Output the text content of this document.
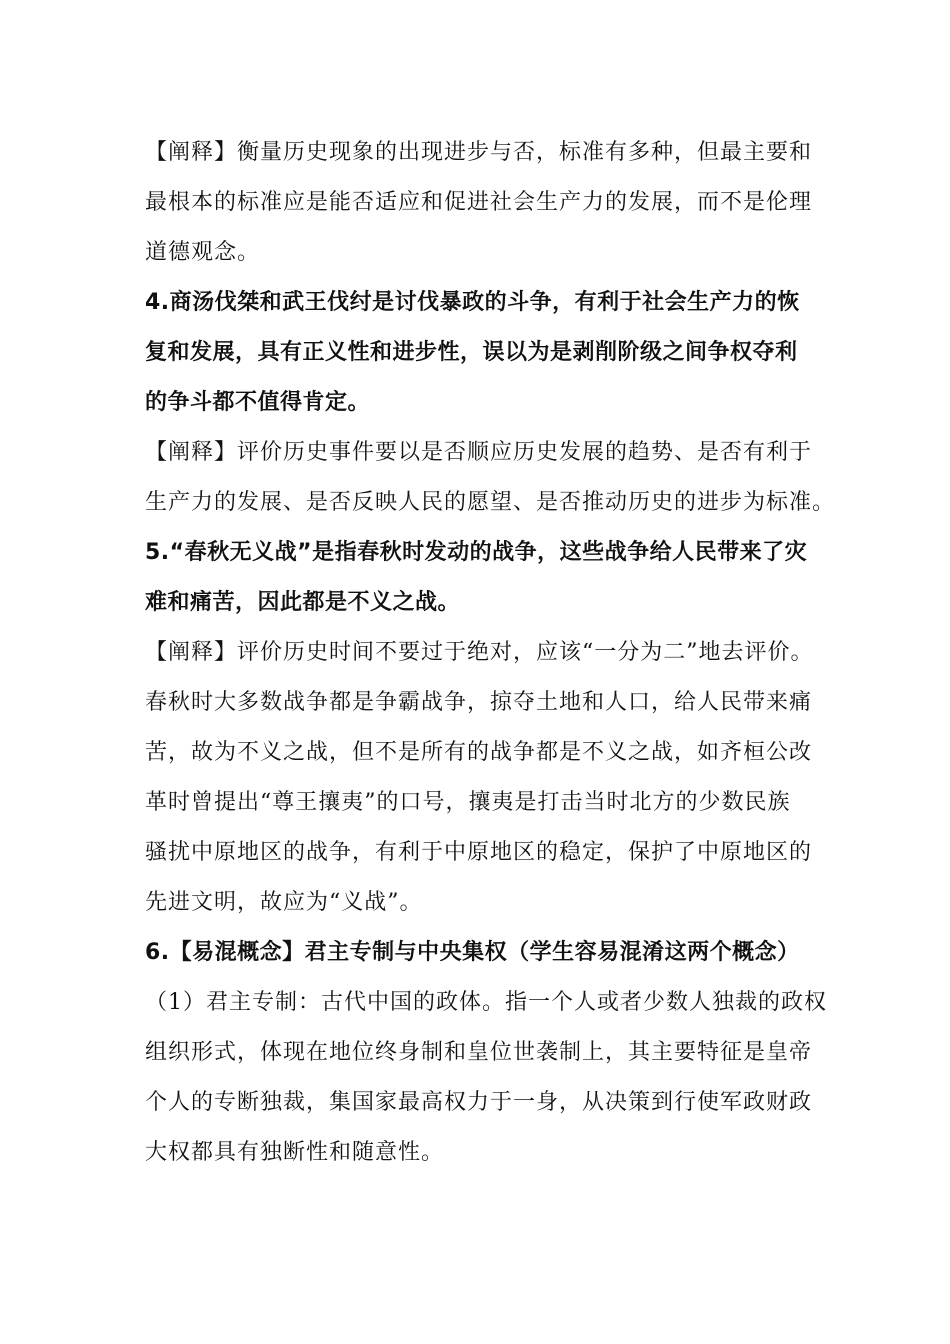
【阐释】衡量历史现象的出现进步与否，标准有多种，但最主要和
最根本的标准应是能否适应和促进社会生产力的发展，而不是伦理
道德观念。
4.商汤伐桀和武王伐纣是讨伐暴政的斗争，有利于社会生产力的恢
复和发展，具有正义性和进步性，误以为是剥削阶级之间争权夺利
的争斗都不值得肯定。
【阐释】评价历史事件要以是否顺应历史发展的趋势、是否有利于
生产力的发展、是否反映人民的愿望、是否推动历史的进步为标准。
5.“春秋无义战”是指春秋时发动的战争，这些战争给人民带来了灾
难和痛苦，因此都是不义之战。
【阐释】评价历史时间不要过于绝对，应该“一分为二”地去评价。
春秋时大多数战争都是争霸战争，掠夺土地和人口，给人民带来痛
苦，故为不义之战，但不是所有的战争都是不义之战，如齐桓公改
革时曾提出“尊王攘夷”的口号，攘夷是打击当时北方的少数民族
骚扰中原地区的战争，有利于中原地区的稳定，保护了中原地区的
先进文明，故应为“义战”。
6.【易混概念】君主专制与中央集权（学生容易混淆这两个概念）
（1）君主专制：古代中国的政体。指一个人或者少数人独裁的政权
组织形式，体现在地位终身制和皇位世袭制上，其主要特征是皇帝
个人的专断独裁，集国家最高权力于一身，从决策到行使军政财政
大权都具有独断性和随意性。
